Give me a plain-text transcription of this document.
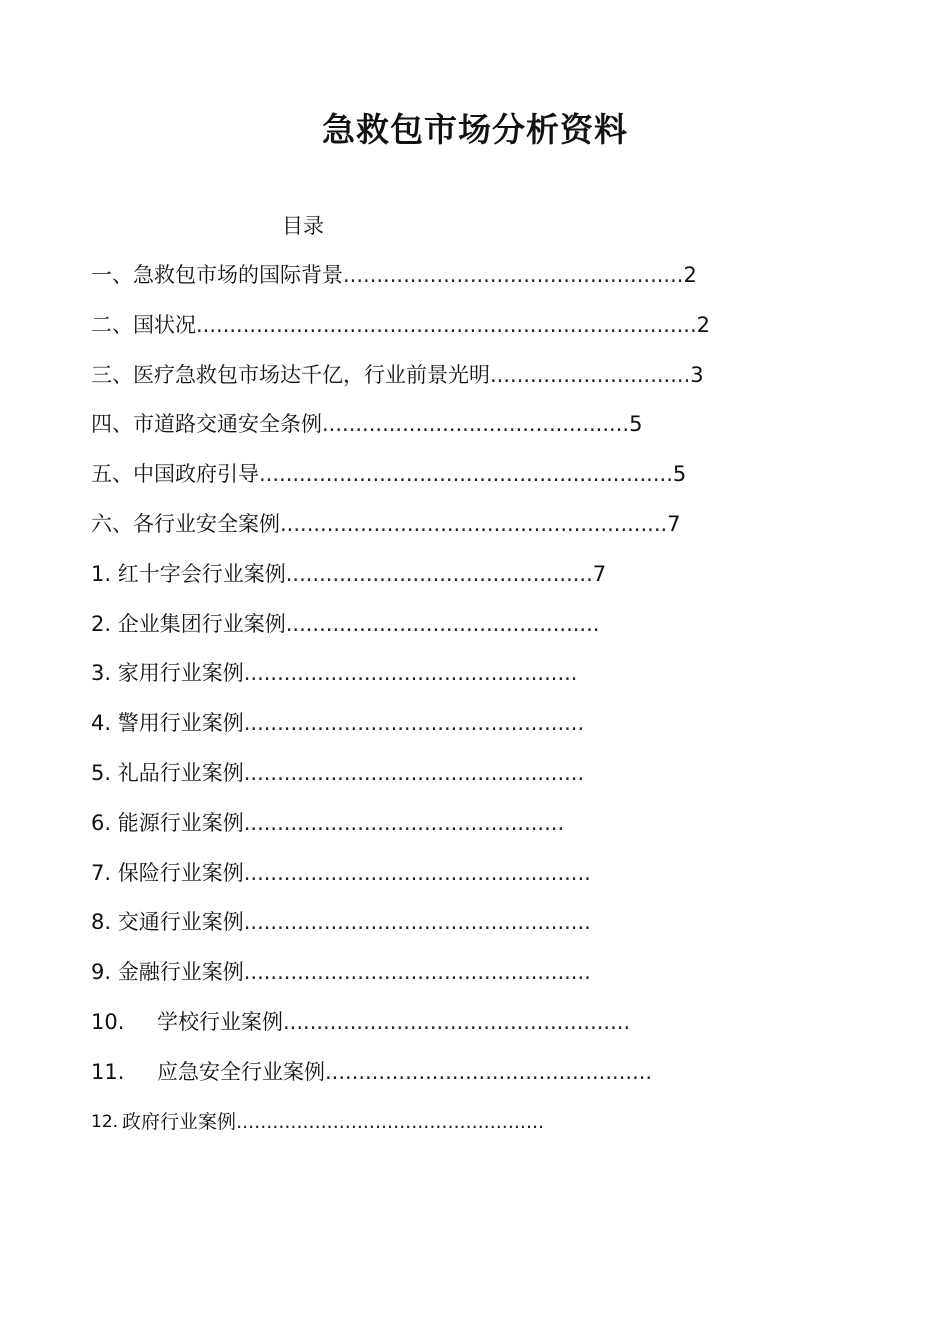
急救包市场分析资料
目录
一、急救包市场的国际背景 ................................................... 2
二、国状况 ........................................................................... 2
三、医疗急救包市场达千亿，行业前景光明 .............................. 3
四、市道路交通安全条例 .............................................. 5
五、中国政府引导 .............................................................. 5
六、各行业安全案例 .......................................................... 7
1. 红十字会行业案例 .............................................. 7
2. 企业集团行业案例 ...............................................
3. 家用行业案例 ..................................................
4. 警用行业案例 ...................................................
5. 礼品行业案例 ...................................................
6. 能源行业案例 ................................................
7. 保险行业案例 ....................................................
8. 交通行业案例 ....................................................
9. 金融行业案例 ....................................................
10.	学校行业案例 ....................................................
11.	应急安全行业案例 .................................................
12. 政府行业案例 ...................................................
